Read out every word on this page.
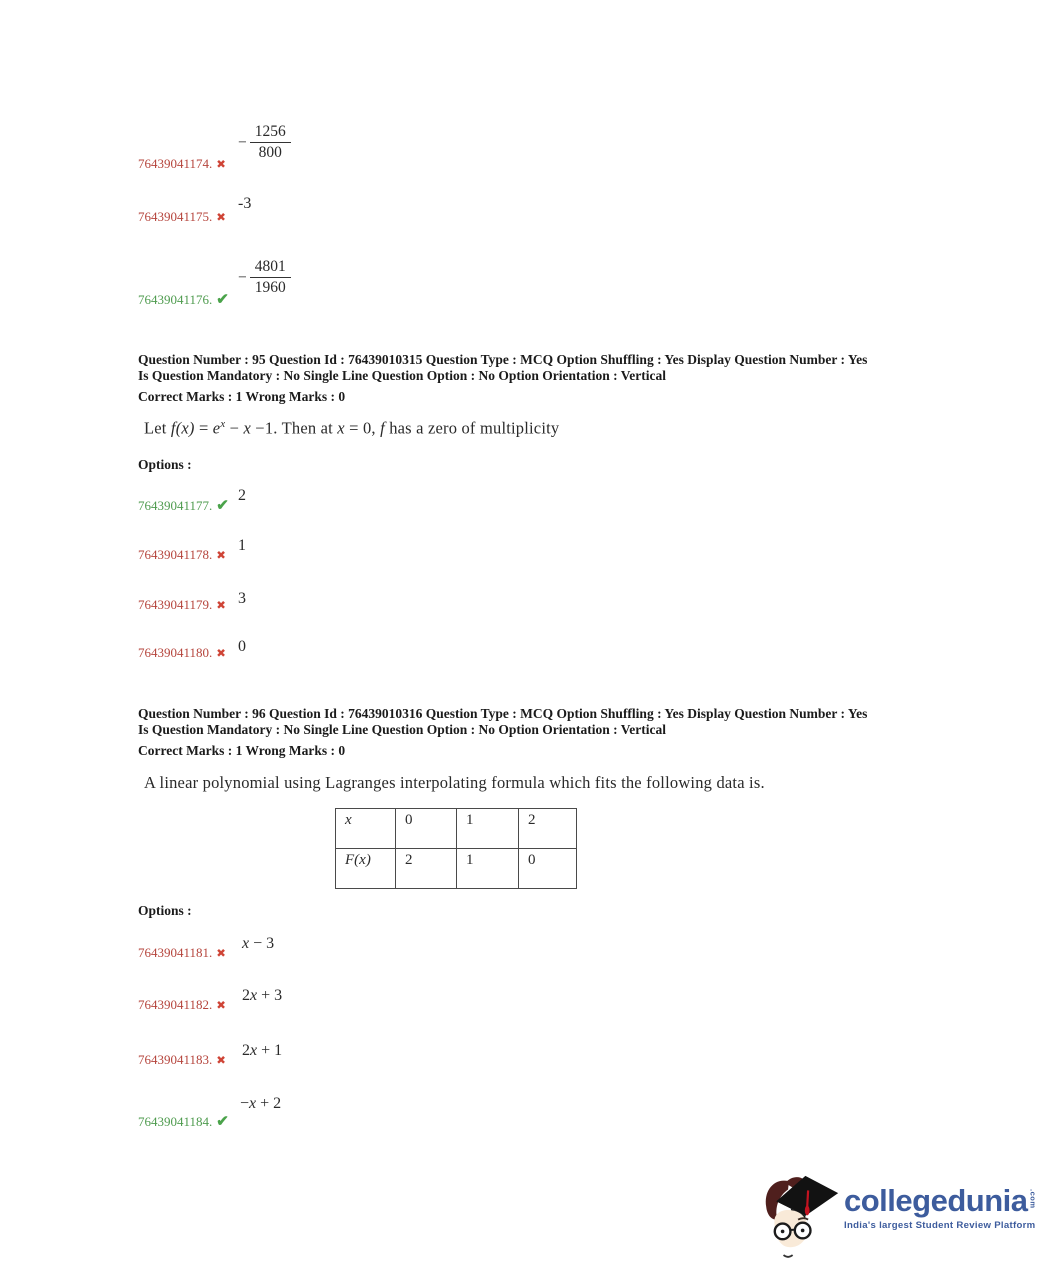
76439041174. ✖
− $\frac{1256}{800}$
76439041175. ✖
-3
76439041176. ✔
− $\frac{4801}{1960}$
Question Number : 95 Question Id : 76439010315 Question Type : MCQ Option Shuffling : Yes Display Question Number : Yes
Is Question Mandatory : No Single Line Question Option : No Option Orientation : Vertical
Correct Marks : 1 Wrong Marks : 0
Let $f(x) = e^x - x -1$. Then at x = 0, f has a zero of multiplicity
Options :
76439041177. ✔
2
76439041178. ✖
1
76439041179. ✖ 3
76439041180. ✖ 0
Question Number : 96 Question Id : 76439010316 Question Type : MCQ Option Shuffling : Yes Display Question Number : Yes
Is Question Mandatory : No Single Line Question Option : No Option Orientation : Vertical
Correct Marks : 1 Wrong Marks : 0
A linear polynomial using Lagranges interpolating formula which fits the following data is.
x	0	1	2
F(x)	2	1	0
Options :
76439041181. ✖
x − 3
76439041182. ✖
2x + 3
76439041183. ✖
2x + 1
76439041184. ✔
−x + 2
collegedunia .com
India's largest Student Review Platform
